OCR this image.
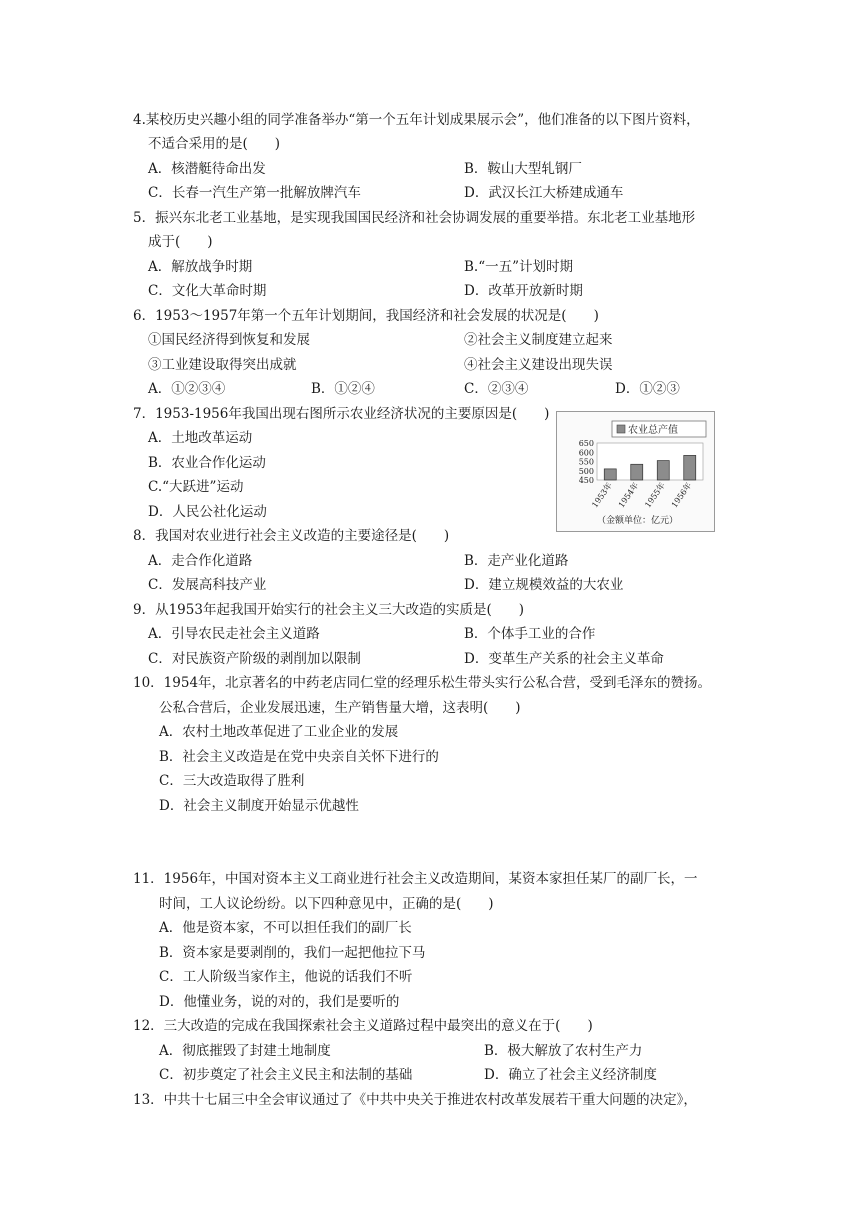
4.某校历史兴趣小组的同学准备举办“第一个五年计划成果展示会”，他们准备的以下图片资料，
不适合采用的是(　　)
A．核潜艇待命出发	B．鞍山大型轧钢厂
C．长春一汽生产第一批解放牌汽车	D．武汉长江大桥建成通车
5．振兴东北老工业基地，是实现我国国民经济和社会协调发展的重要举措。东北老工业基地形
成于(　　)
A．解放战争时期	B.“一五”计划时期
C．文化大革命时期	D．改革开放新时期
6．1953～1957年第一个五年计划期间，我国经济和社会发展的状况是(　　)
①国民经济得到恢复和发展	②社会主义制度建立起来
③工业建设取得突出成就	④社会主义建设出现失误
A．①②③④	B．①②④	C．②③④	D．①②③
7．1953-1956年我国出现右图所示农业经济状况的主要原因是(　　)
A．土地改革运动
B．农业合作化运动
C.“大跃进”运动
D．人民公社化运动
农业总产值
650
600
550
500
450
1953年 1954年 1955年 1956年
（金额单位：亿元）
8．我国对农业进行社会主义改造的主要途径是(　　)
A．走合作化道路	B．走产业化道路
C．发展高科技产业	D．建立规模效益的大农业
9．从1953年起我国开始实行的社会主义三大改造的实质是(　　)
A．引导农民走社会主义道路	B．个体手工业的合作
C．对民族资产阶级的剥削加以限制	D．变革生产关系的社会主义革命
10．1954年，北京著名的中药老店同仁堂的经理乐松生带头实行公私合营，受到毛泽东的赞扬。
公私合营后，企业发展迅速，生产销售量大增，这表明(　　)
A．农村土地改革促进了工业企业的发展
B．社会主义改造是在党中央亲自关怀下进行的
C．三大改造取得了胜利
D．社会主义制度开始显示优越性
11．1956年，中国对资本主义工商业进行社会主义改造期间，某资本家担任某厂的副厂长，一
时间，工人议论纷纷。以下四种意见中，正确的是(　　)
A．他是资本家，不可以担任我们的副厂长
B．资本家是要剥削的，我们一起把他拉下马
C．工人阶级当家作主，他说的话我们不听
D．他懂业务，说的对的，我们是要听的
12．三大改造的完成在我国探索社会主义道路过程中最突出的意义在于(　　)
A．彻底摧毁了封建土地制度	B．极大解放了农村生产力
C．初步奠定了社会主义民主和法制的基础	D．确立了社会主义经济制度
13．中共十七届三中全会审议通过了《中共中央关于推进农村改革发展若干重大问题的决定》，
